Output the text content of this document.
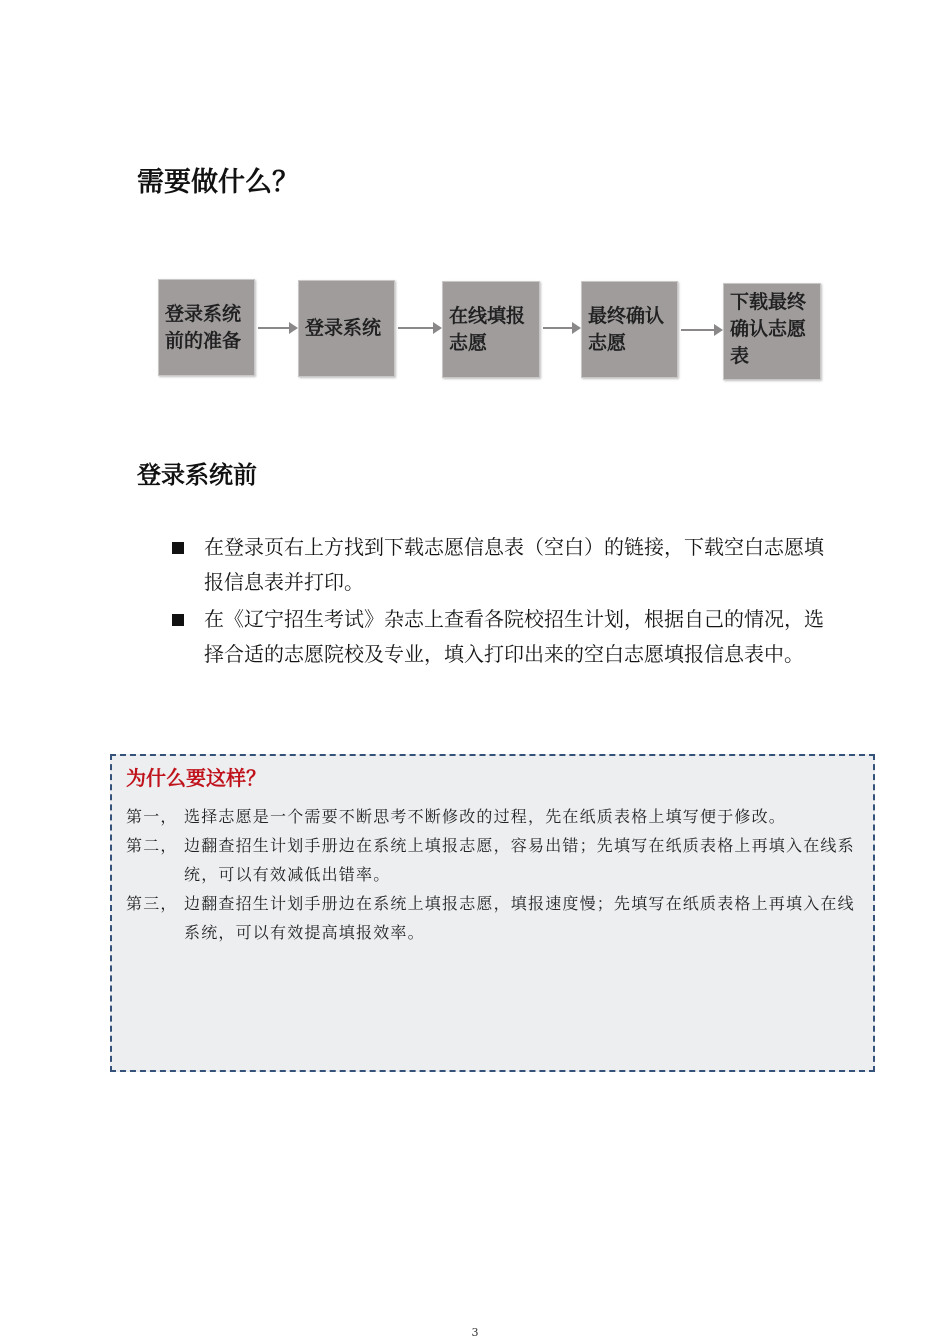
需要做什么？
登录系统
前的准备
登录系统
在线填报
志愿
最终确认
志愿
下载最终
确认志愿
表
登录系统前
在登录页右上方找到下载志愿信息表（空白）的链接，下载空白志愿填报信息表并打印。
在《辽宁招生考试》杂志上查看各院校招生计划，根据自己的情况，选择合适的志愿院校及专业，填入打印出来的空白志愿填报信息表中。
为什么要这样？
第一， 选择志愿是一个需要不断思考不断修改的过程，先在纸质表格上填写便于修改。
第二， 边翻查招生计划手册边在系统上填报志愿，容易出错；先填写在纸质表格上再填入在线系统，可以有效减低出错率。
第三， 边翻查招生计划手册边在系统上填报志愿，填报速度慢；先填写在纸质表格上再填入在线系统，可以有效提高填报效率。
3
